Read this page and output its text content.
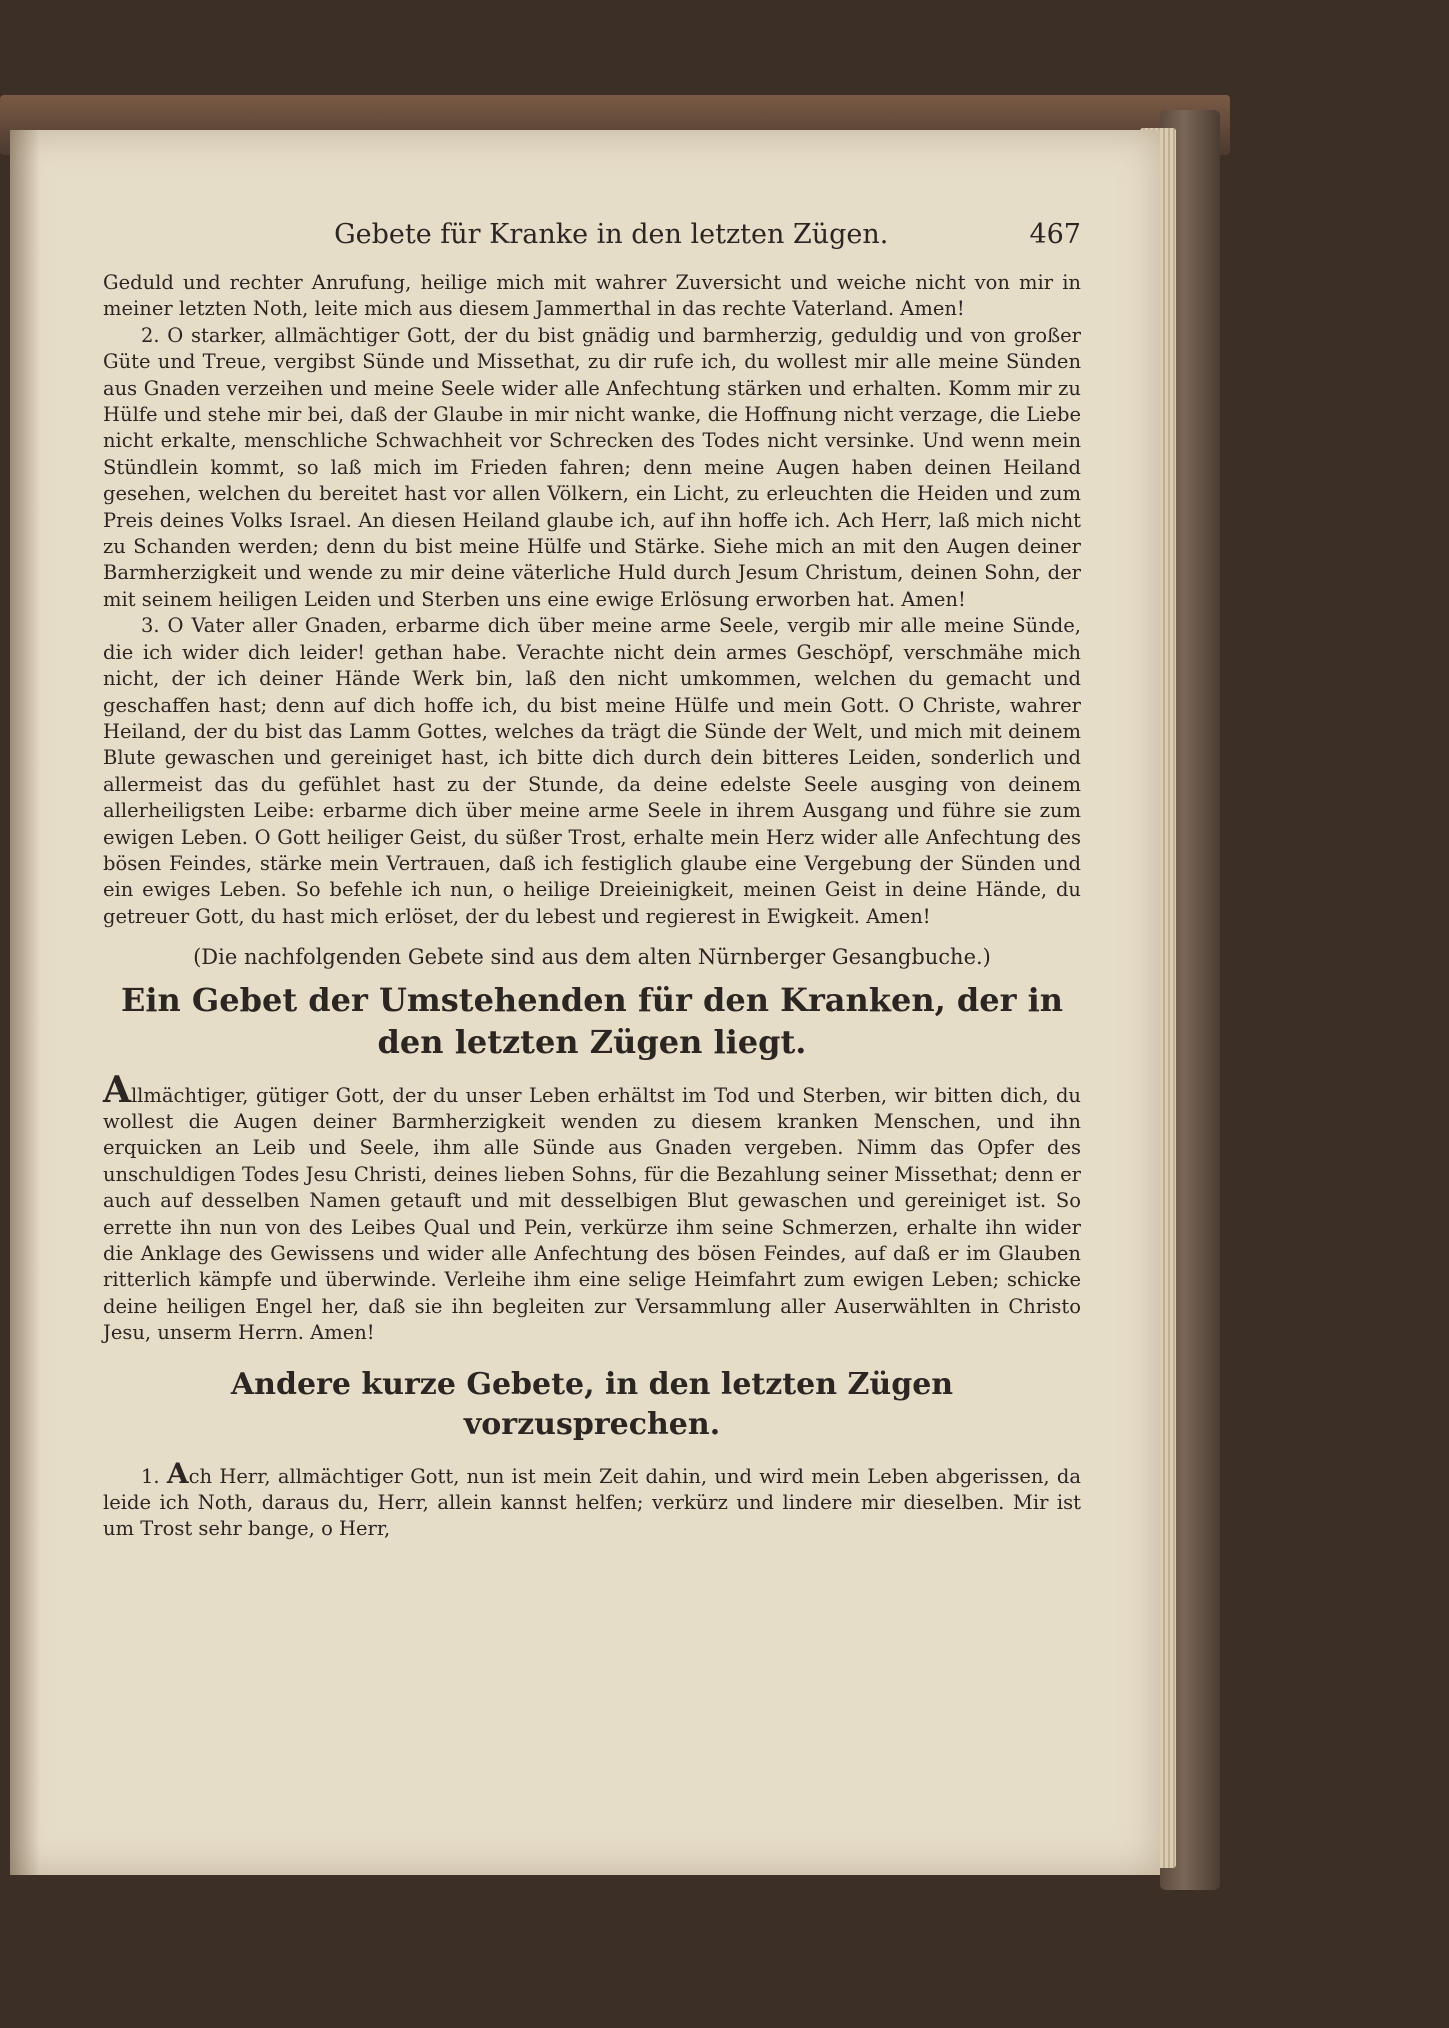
Gebete für Kranke in den letzten Zügen.	467

Geduld und rechter Anrufung, heilige mich mit wahrer Zuversicht und weiche nicht von mir in meiner letzten Noth, leite mich aus diesem Jammerthal in das rechte Vaterland. Amen!

2. O starker, allmächtiger Gott, der du bist gnädig und barmherzig, geduldig und von großer Güte und Treue, vergibst Sünde und Missethat, zu dir rufe ich, du wollest mir alle meine Sünden aus Gnaden verzeihen und meine Seele wider alle Anfechtung stärken und erhalten. Komm mir zu Hülfe und stehe mir bei, daß der Glaube in mir nicht wanke, die Hoffnung nicht verzage, die Liebe nicht erkalte, menschliche Schwachheit vor Schrecken des Todes nicht versinke. Und wenn mein Stündlein kommt, so laß mich im Frieden fahren; denn meine Augen haben deinen Heiland gesehen, welchen du bereitet hast vor allen Völkern, ein Licht, zu erleuchten die Heiden und zum Preis deines Volks Israel. An diesen Heiland glaube ich, auf ihn hoffe ich. Ach Herr, laß mich nicht zu Schanden werden; denn du bist meine Hülfe und Stärke. Siehe mich an mit den Augen deiner Barmherzigkeit und wende zu mir deine väterliche Huld durch Jesum Christum, deinen Sohn, der mit seinem heiligen Leiden und Sterben uns eine ewige Erlösung erworben hat. Amen!

3. O Vater aller Gnaden, erbarme dich über meine arme Seele, vergib mir alle meine Sünde, die ich wider dich leider! gethan habe. Verachte nicht dein armes Geschöpf, verschmähe mich nicht, der ich deiner Hände Werk bin, laß den nicht umkommen, welchen du gemacht und geschaffen hast; denn auf dich hoffe ich, du bist meine Hülfe und mein Gott. O Christe, wahrer Heiland, der du bist das Lamm Gottes, welches da trägt die Sünde der Welt, und mich mit deinem Blute gewaschen und gereiniget hast, ich bitte dich durch dein bitteres Leiden, sonderlich und allermeist das du gefühlet hast zu der Stunde, da deine edelste Seele ausging von deinem allerheiligsten Leibe: erbarme dich über meine arme Seele in ihrem Ausgang und führe sie zum ewigen Leben. O Gott heiliger Geist, du süßer Trost, erhalte mein Herz wider alle Anfechtung des bösen Feindes, stärke mein Vertrauen, daß ich festiglich glaube eine Vergebung der Sünden und ein ewiges Leben. So befehle ich nun, o heilige Dreieinigkeit, meinen Geist in deine Hände, du getreuer Gott, du hast mich erlöset, der du lebest und regierest in Ewigkeit. Amen!

(Die nachfolgenden Gebete sind aus dem alten Nürnberger Gesangbuche.)

Ein Gebet der Umstehenden für den Kranken, der in den letzten Zügen liegt.

Allmächtiger, gütiger Gott, der du unser Leben erhältst im Tod und Sterben, wir bitten dich, du wollest die Augen deiner Barmherzigkeit wenden zu diesem kranken Menschen, und ihn erquicken an Leib und Seele, ihm alle Sünde aus Gnaden vergeben. Nimm das Opfer des unschuldigen Todes Jesu Christi, deines lieben Sohns, für die Bezahlung seiner Missethat; denn er auch auf desselben Namen getauft und mit desselbigen Blut gewaschen und gereiniget ist. So errette ihn nun von des Leibes Qual und Pein, verkürze ihm seine Schmerzen, erhalte ihn wider die Anklage des Gewissens und wider alle Anfechtung des bösen Feindes, auf daß er im Glauben ritterlich kämpfe und überwinde. Verleihe ihm eine selige Heimfahrt zum ewigen Leben; schicke deine heiligen Engel her, daß sie ihn begleiten zur Versammlung aller Auserwählten in Christo Jesu, unserm Herrn. Amen!

Andere kurze Gebete, in den letzten Zügen vorzusprechen.

1. Ach Herr, allmächtiger Gott, nun ist mein Zeit dahin, und wird mein Leben abgerissen, da leide ich Noth, daraus du, Herr, allein kannst helfen; verkürz und lindere mir dieselben. Mir ist um Trost sehr bange, o Herr,
